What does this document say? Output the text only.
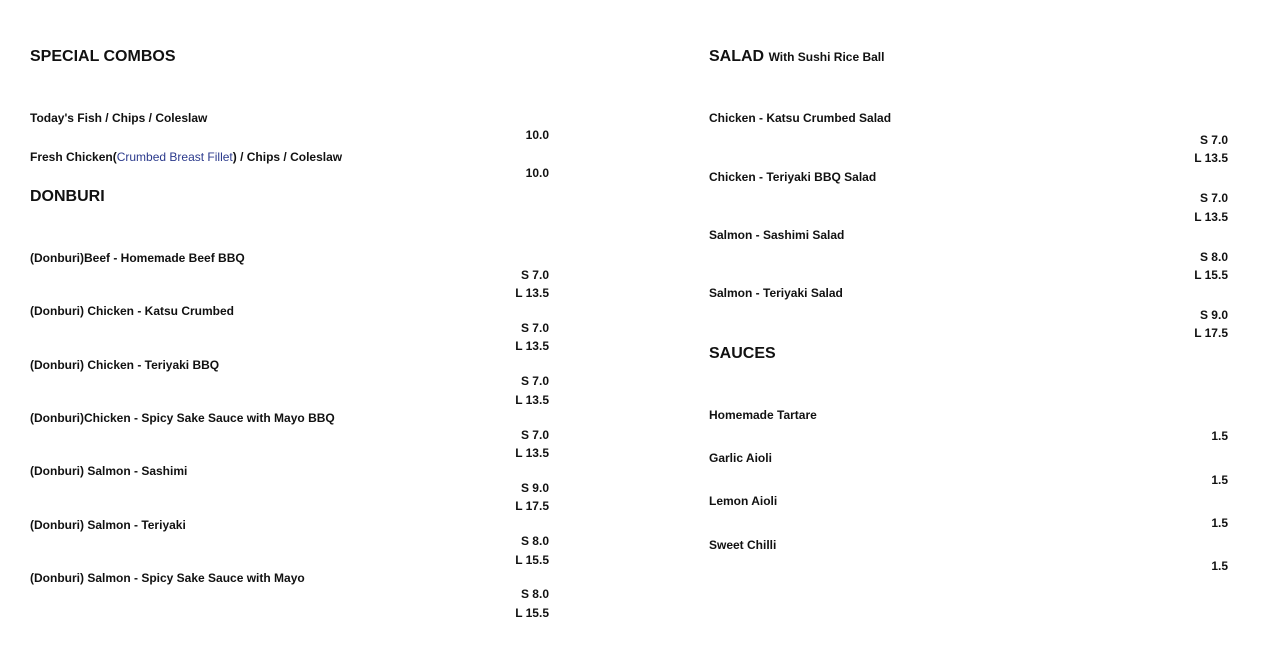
SPECIAL COMBOS
Today's Fish / Chips / Coleslaw
10.0
Fresh Chicken(Crumbed Breast Fillet) / Chips / Coleslaw
10.0
DONBURI
(Donburi)Beef - Homemade Beef BBQ
S 7.0
L 13.5
(Donburi) Chicken - Katsu Crumbed
S 7.0
L 13.5
(Donburi) Chicken - Teriyaki BBQ
S 7.0
L 13.5
(Donburi)Chicken - Spicy Sake Sauce with Mayo BBQ
S 7.0
L 13.5
(Donburi) Salmon - Sashimi
S 9.0
L 17.5
(Donburi) Salmon - Teriyaki
S 8.0
L 15.5
(Donburi) Salmon - Spicy Sake Sauce with Mayo
S 8.0
L 15.5
SALAD With Sushi Rice Ball
Chicken - Katsu Crumbed Salad
S 7.0
L 13.5
Chicken - Teriyaki BBQ Salad
S 7.0
L 13.5
Salmon - Sashimi Salad
S 8.0
L 15.5
Salmon - Teriyaki Salad
S 9.0
L 17.5
SAUCES
Homemade Tartare
1.5
Garlic Aioli
1.5
Lemon Aioli
1.5
Sweet Chilli
1.5
